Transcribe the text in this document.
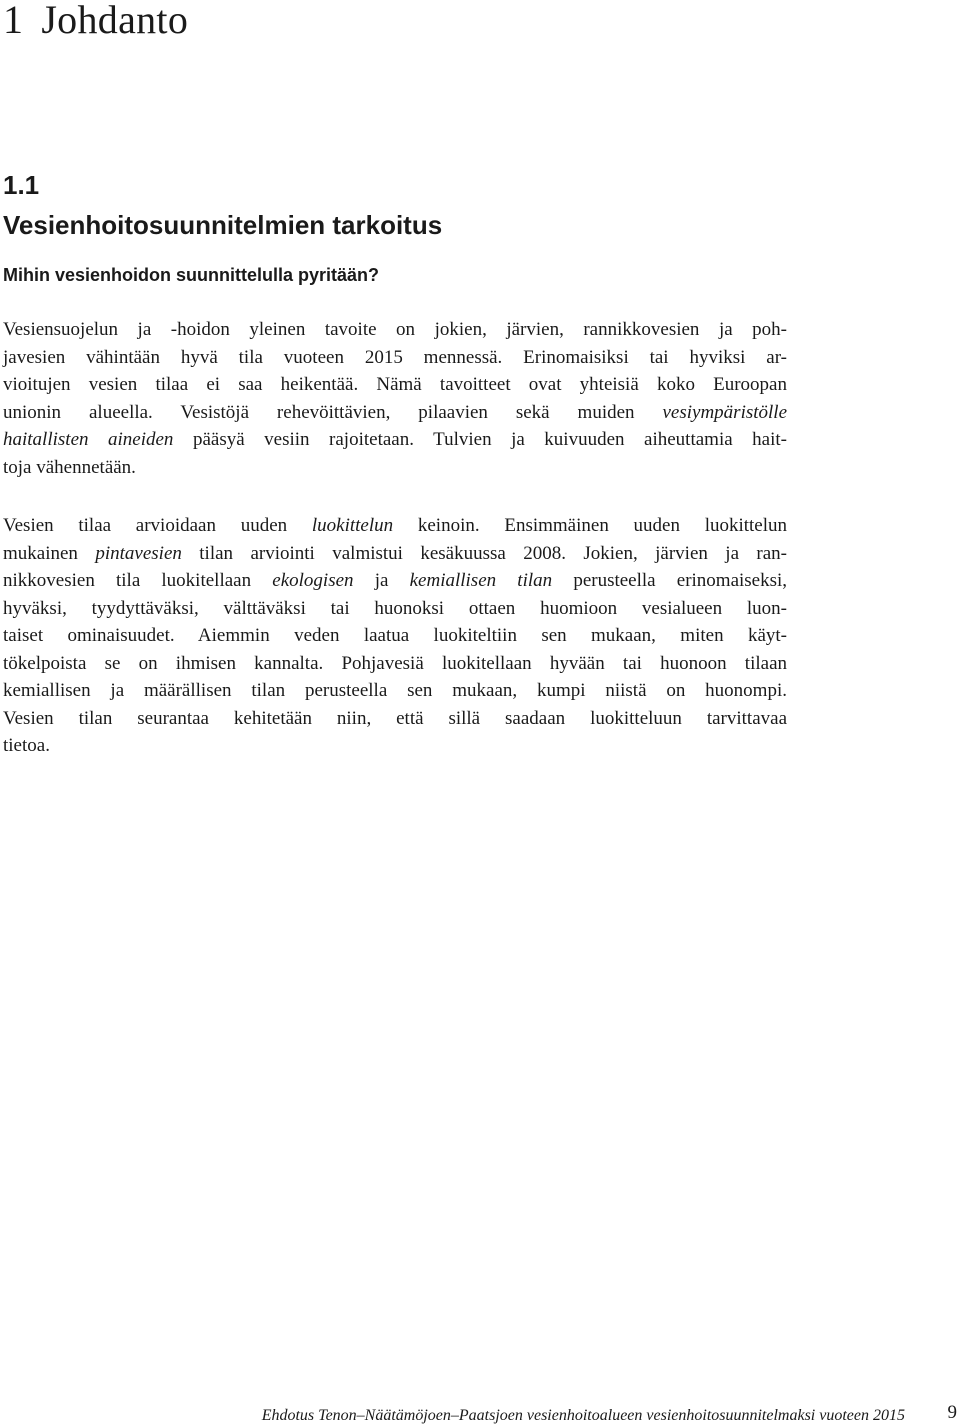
1 Johdanto
1.1
Vesienhoitosuunnitelmien tarkoitus
Mihin vesienhoidon suunnittelulla pyritään?
Vesiensuojelun ja -hoidon yleinen tavoite on jokien, järvien, rannikkovesien ja poh-
javesien vähintään hyvä tila vuoteen 2015 mennessä. Erinomaisiksi tai hyviksi ar-
vioitujen vesien tilaa ei saa heikentää. Nämä tavoitteet ovat yhteisiä koko Euroopan
unionin alueella. Vesistöjä rehevöittävien, pilaavien sekä muiden vesiympäristölle
haitallisten aineiden pääsyä vesiin rajoitetaan. Tulvien ja kuivuuden aiheuttamia hait-
toja vähennetään.
Vesien tilaa arvioidaan uuden luokittelun keinoin. Ensimmäinen uuden luokittelun
mukainen pintavesien tilan arviointi valmistui kesäkuussa 2008. Jokien, järvien ja ran-
nikkovesien tila luokitellaan ekologisen ja kemiallisen tilan perusteella erinomaiseksi,
hyväksi, tyydyttäväksi, välttäväksi tai huonoksi ottaen huomioon vesialueen luon-
taiset ominaisuudet. Aiemmin veden laatua luokiteltiin sen mukaan, miten käyt-
tökelpoista se on ihmisen kannalta. Pohjavesiä luokitellaan hyvään tai huonoon tilaan
kemiallisen ja määrällisen tilan perusteella sen mukaan, kumpi niistä on huonompi.
Vesien tilan seurantaa kehitetään niin, että sillä saadaan luokitteluun tarvittavaa
tietoa.
Ehdotus Tenon–Näätämöjoen–Paatsjoen vesienhoitoalueen vesienhoitosuunnitelmaksi vuoteen 2015 9
